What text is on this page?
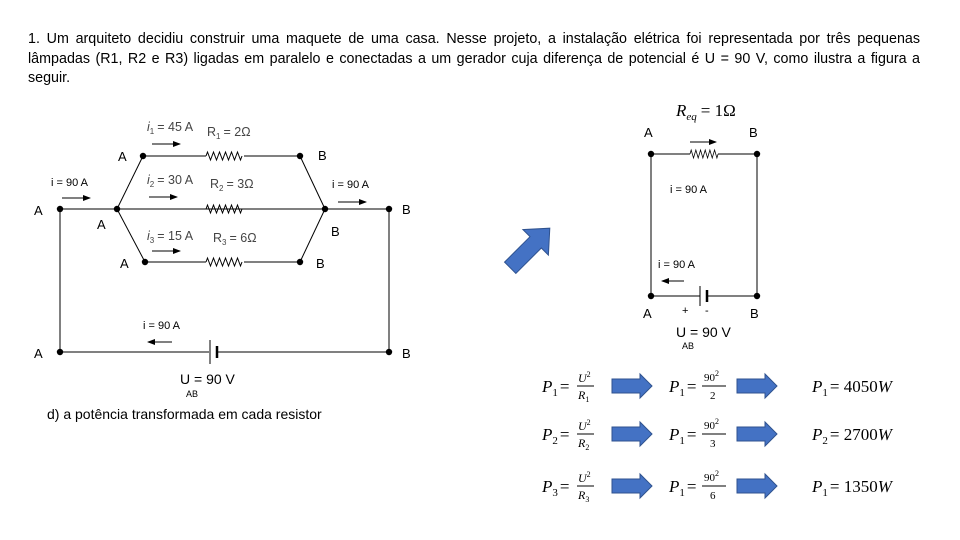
1. Um arquiteto decidiu construir uma maquete de uma casa. Nesse projeto, a instalação elétrica foi representada por três pequenas lâmpadas (R1, R2 e R3) ligadas em paralelo e conectadas a um gerador cuja diferença de potencial é U = 90 V, como ilustra a figura a seguir.
A	B
A
A
B
B
A	B
A	B
i = 90 A	i = 90 A
i = 90 A
$i_1 = 45$ A $R_1 = 2\Omega$
$i_2 = 30$ A $R_2 = 3\Omega$
$i_3 = 15$ A $R_3 = 6\Omega$
U = 90 V
AB
d) a potência transformada em cada resistor
$R_{eq} = 1\Omega$
A	B
A	B
i = 90 A
i = 90 A
+ -
U = 90 V
AB
$P_1 = U^2$
$R_1$
$P_1 = 90^2$
2	$P_1 = 4050W$
$P_2 = U^2$
$R_2$
$P_1 = 90^2$
3	$P_2 = 2700W$
$P_3 = U^2$
$R_3$
$P_1 = 90^2$
6	$P_1 = 1350W$
